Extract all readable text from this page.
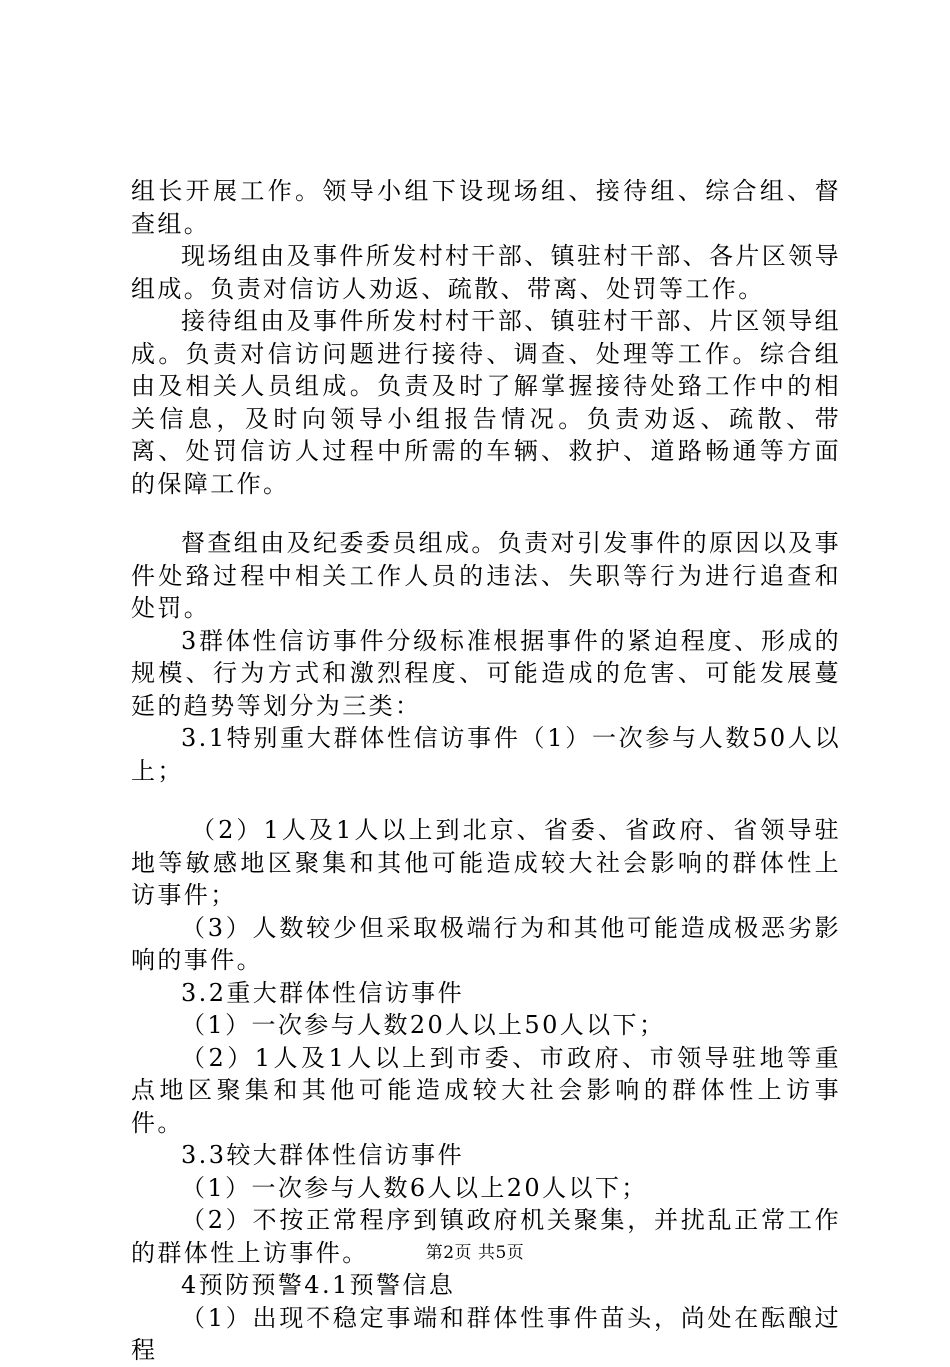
组长开展工作。领导小组下设现场组、接待组、综合组、督查组。

现场组由及事件所发村村干部、镇驻村干部、各片区领导组成。负责对信访人劝返、疏散、带离、处罚等工作。

接待组由及事件所发村村干部、镇驻村干部、片区领导组成。负责对信访问题进行接待、调查、处理等工作。综合组由及相关人员组成。负责及时了解掌握接待处臵工作中的相关信息，及时向领导小组报告情况。负责劝返、疏散、带离、处罚信访人过程中所需的车辆、救护、道路畅通等方面的保障工作。

督查组由及纪委委员组成。负责对引发事件的原因以及事件处臵过程中相关工作人员的违法、失职等行为进行追查和处罚。

3群体性信访事件分级标准根据事件的紧迫程度、形成的规模、行为方式和激烈程度、可能造成的危害、可能发展蔓延的趋势等划分为三类：

3.1特别重大群体性信访事件（1）一次参与人数50人以上；

（2）1人及1人以上到北京、省委、省政府、省领导驻地等敏感地区聚集和其他可能造成较大社会影响的群体性上访事件；

（3）人数较少但采取极端行为和其他可能造成极恶劣影响的事件。

3.2重大群体性信访事件

（1）一次参与人数20人以上50人以下；

（2）1人及1人以上到市委、市政府、市领导驻地等重点地区聚集和其他可能造成较大社会影响的群体性上访事件。

3.3较大群体性信访事件

（1）一次参与人数6人以上20人以下；

（2）不按正常程序到镇政府机关聚集，并扰乱正常工作的群体性上访事件。

4预防预警4.1预警信息

（1）出现不稳定事端和群体性事件苗头，尚处在酝酿过程

第2页 共5页
